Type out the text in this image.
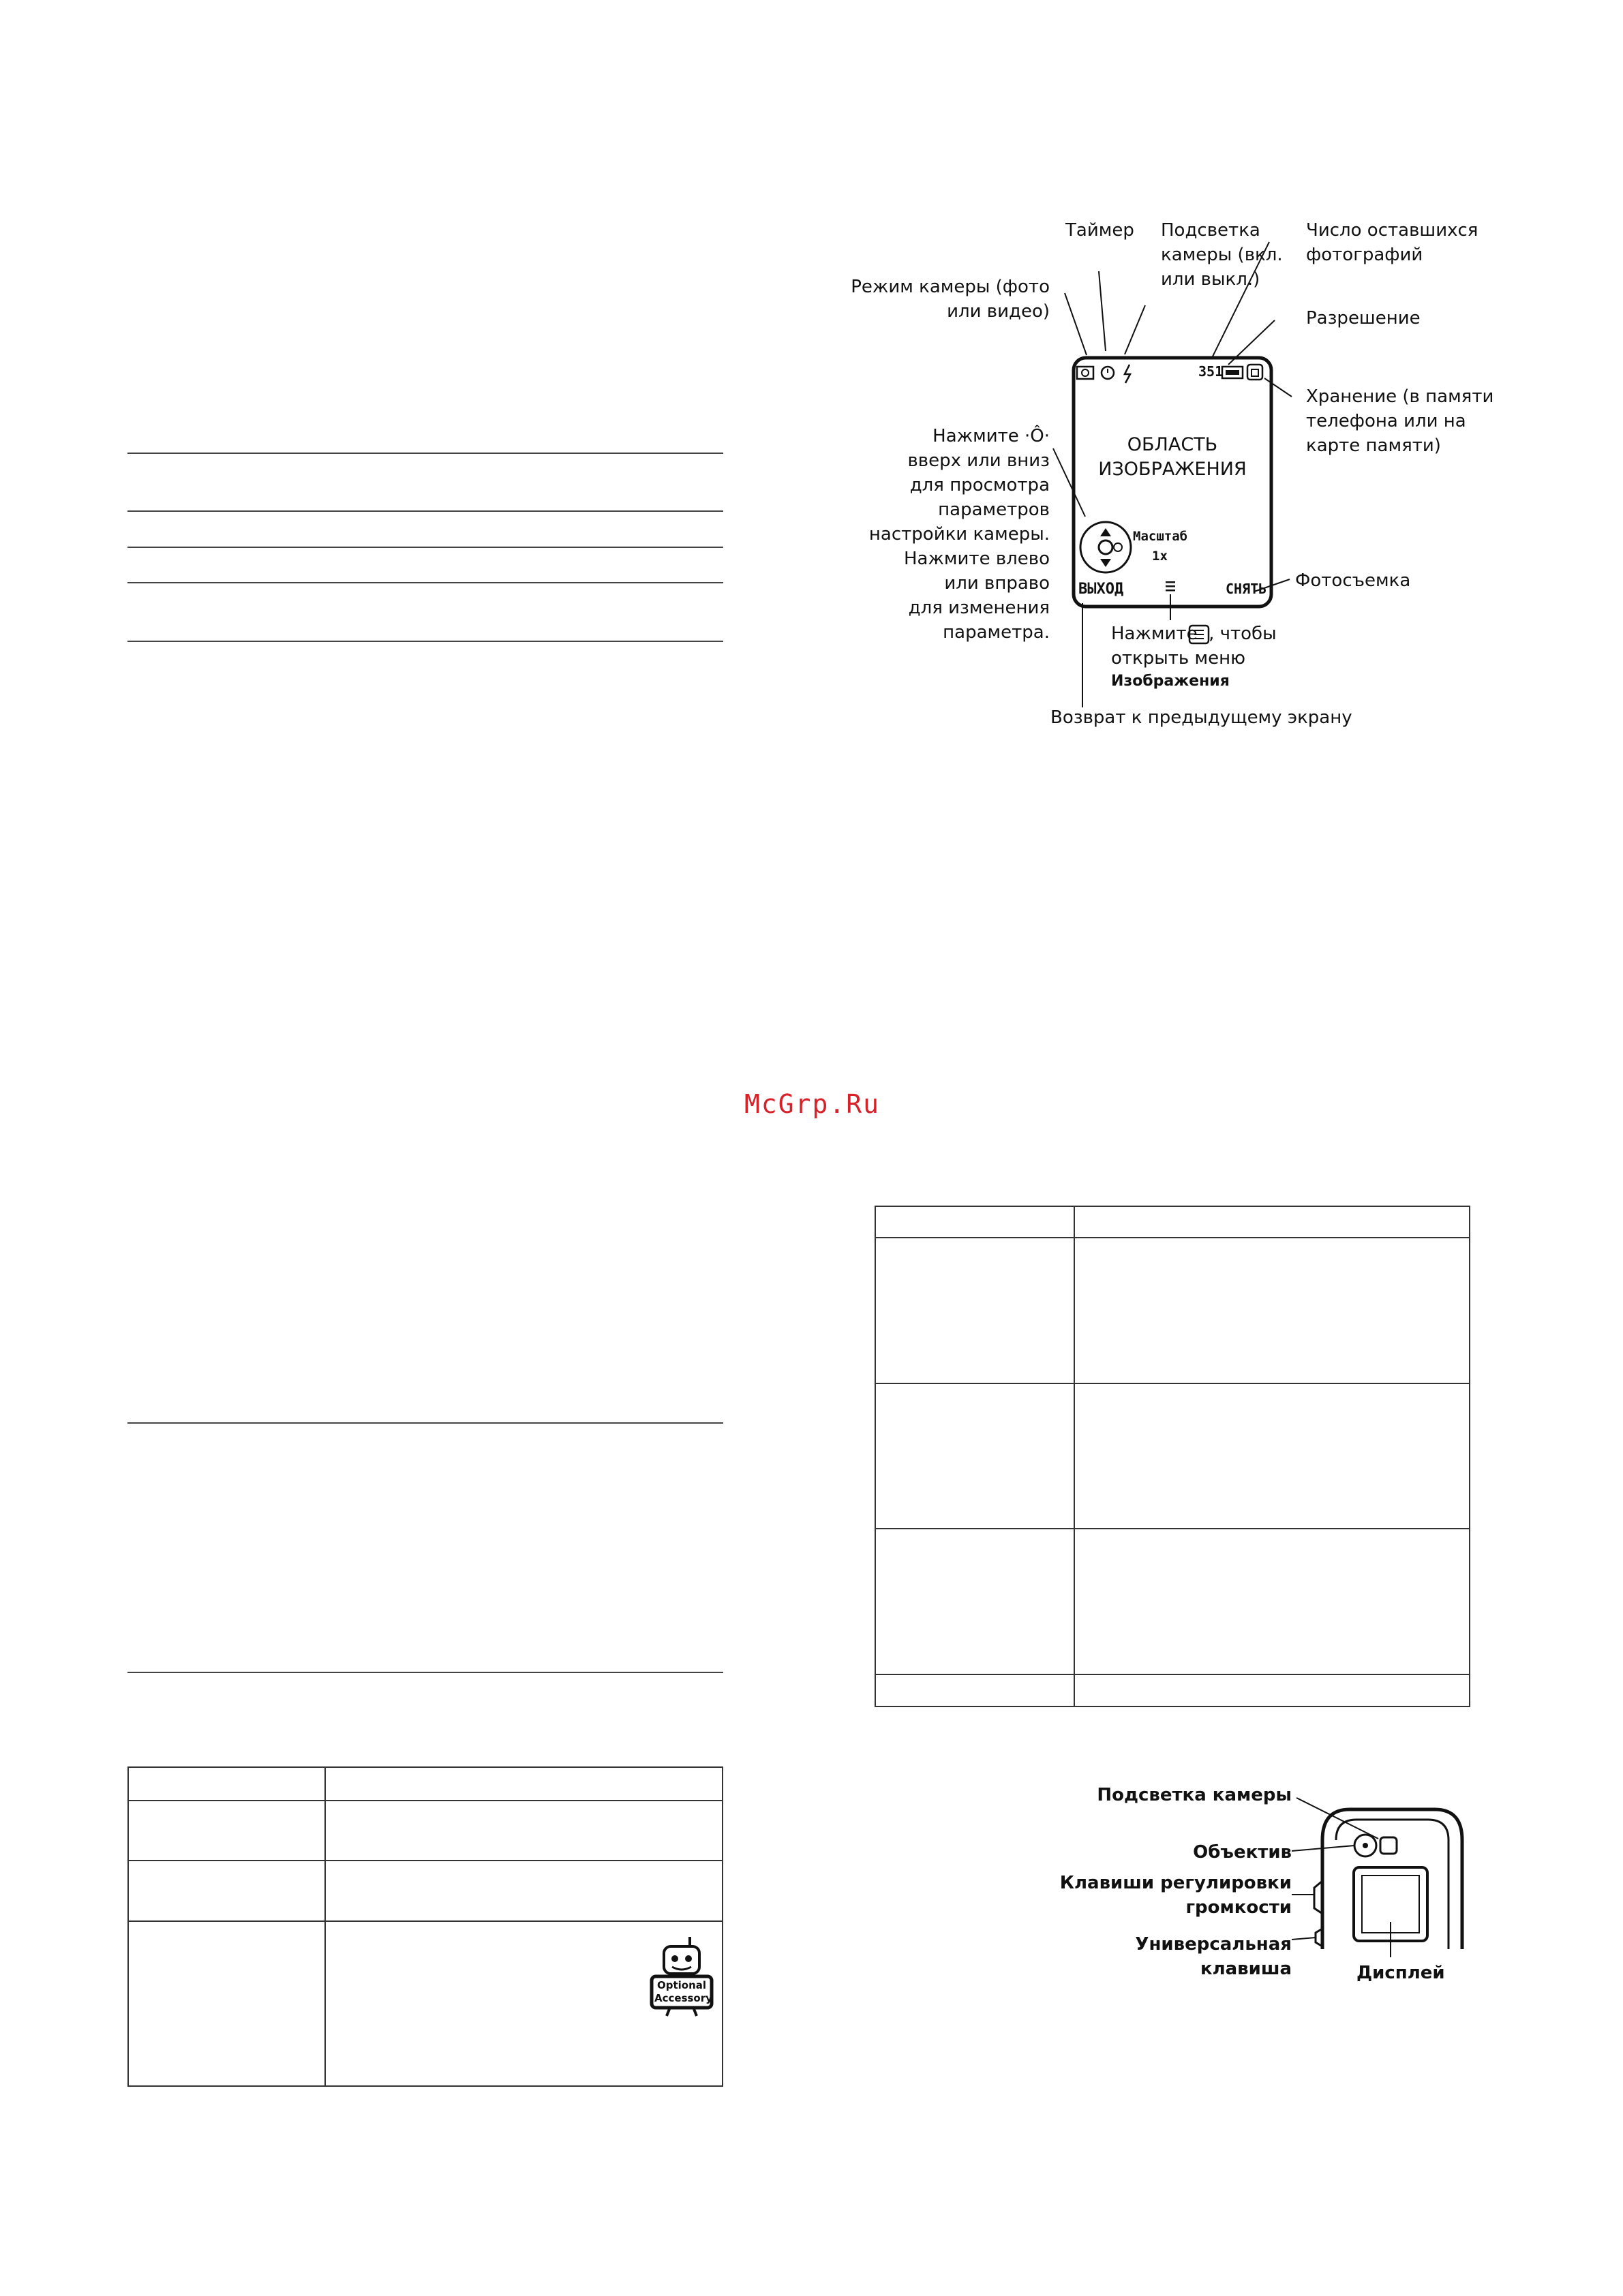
Optional
Accessory
McGrp.Ru
Таймер Подсветка
камеры (вкл.
или выкл.)
Число оставшихся
фотографий
Режим камеры (фото
или видео)	Разрешение
Хранение (в памяти
телефона или на
карте памяти)
Нажмите ·Ô·
вверх или вниз
для просмотра
параметров
настройки камеры.
Нажмите влево
или вправо
для изменения
параметра.
Фотосъемка
Нажмите  , чтобы
открыть меню
Изображения
Возврат к предыдущему экрану
351
ОБЛАСТЬ
ИЗОБРАЖЕНИЯ
Масштаб
1x
ВЫХОД	СНЯТЬ
Подсветка камеры
Объектив
Клавиши регулировки
громкости
Универсальная
клавиша	Дисплей
